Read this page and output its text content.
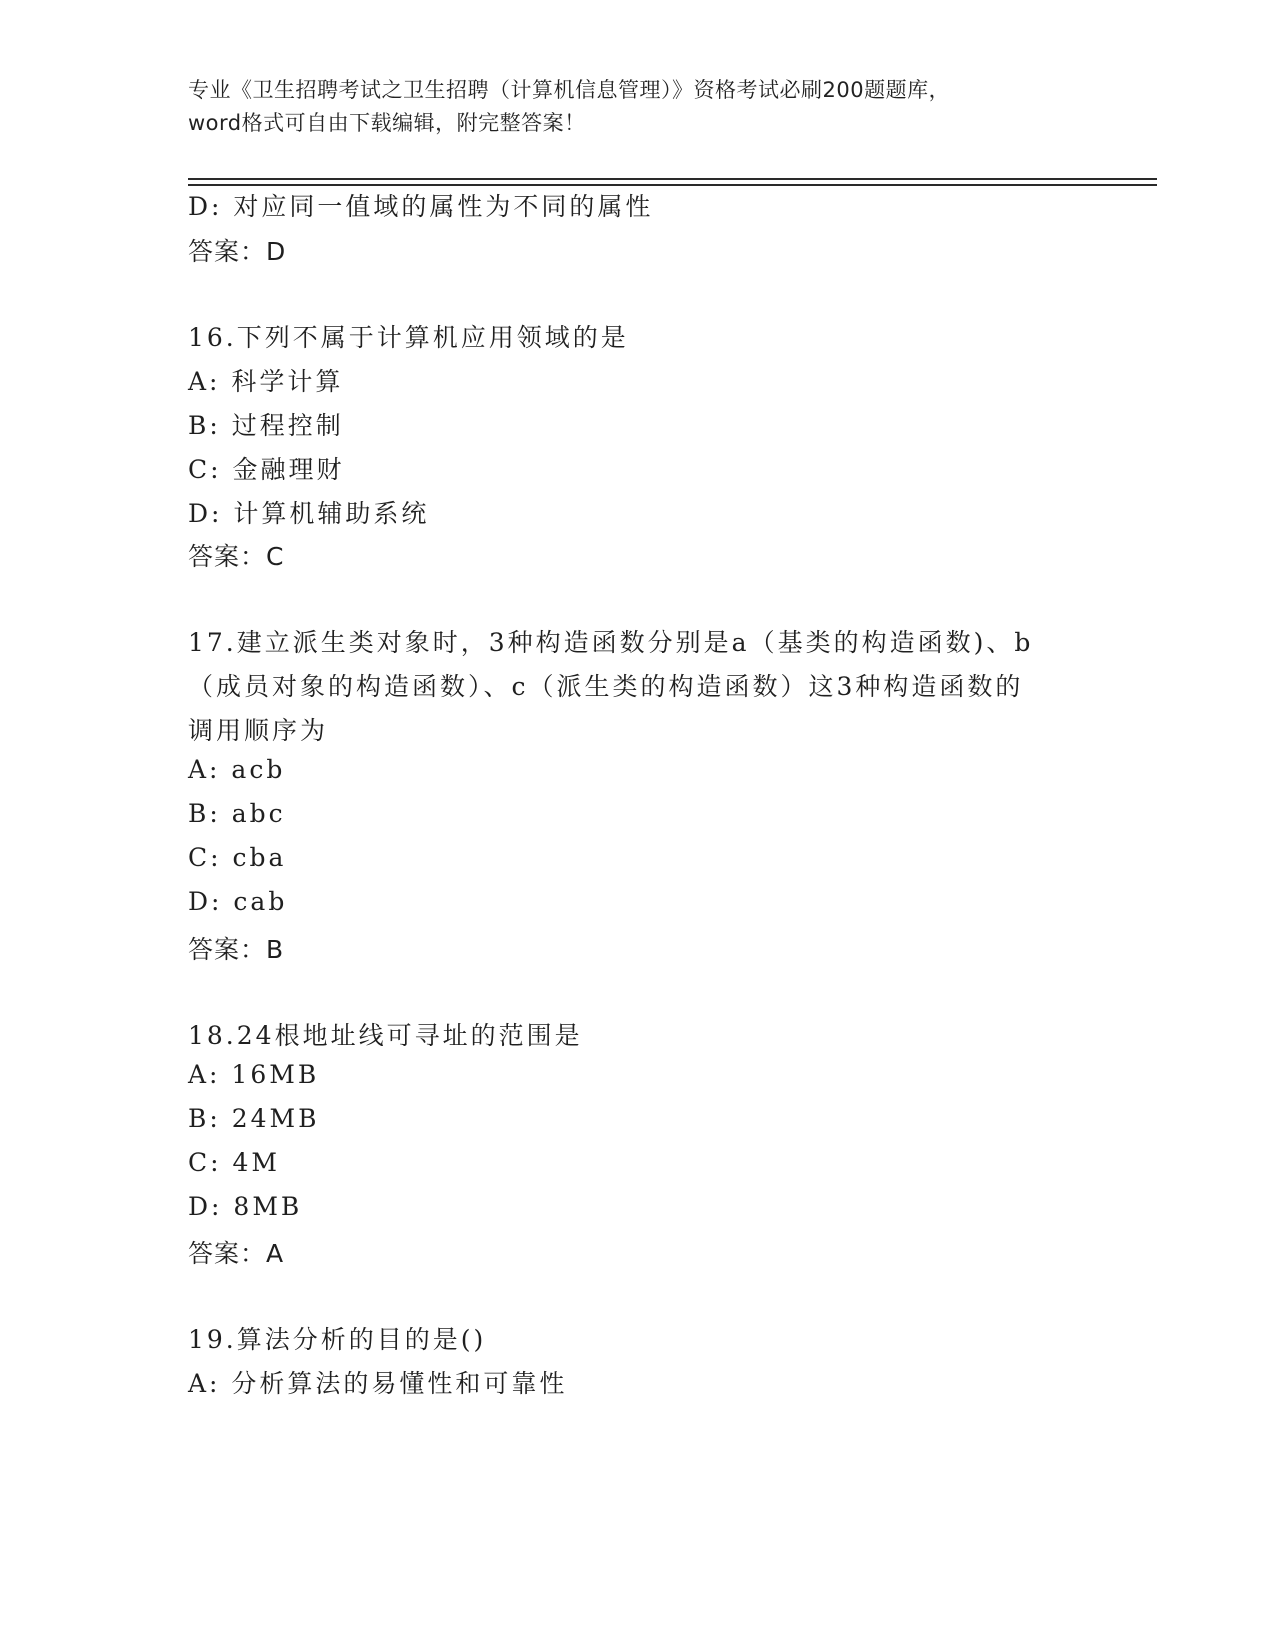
专业《卫生招聘考试之卫生招聘（计算机信息管理）》资格考试必刷200题题库，
word格式可自由下载编辑，附完整答案！
D: 对应同一值域的属性为不同的属性
答案：D
16.下列不属于计算机应用领域的是
A: 科学计算
B: 过程控制
C: 金融理财
D: 计算机辅助系统
答案：C
17.建立派生类对象时，3种构造函数分别是a（基类的构造函数)、b
（成员对象的构造函数）、c（派生类的构造函数）这3种构造函数的
调用顺序为
A: acb
B: abc
C: cba
D: cab
答案：B
18.24根地址线可寻址的范围是
A: 16MB
B: 24MB
C: 4M
D: 8MB
答案：A
19.算法分析的目的是()
A: 分析算法的易懂性和可靠性
